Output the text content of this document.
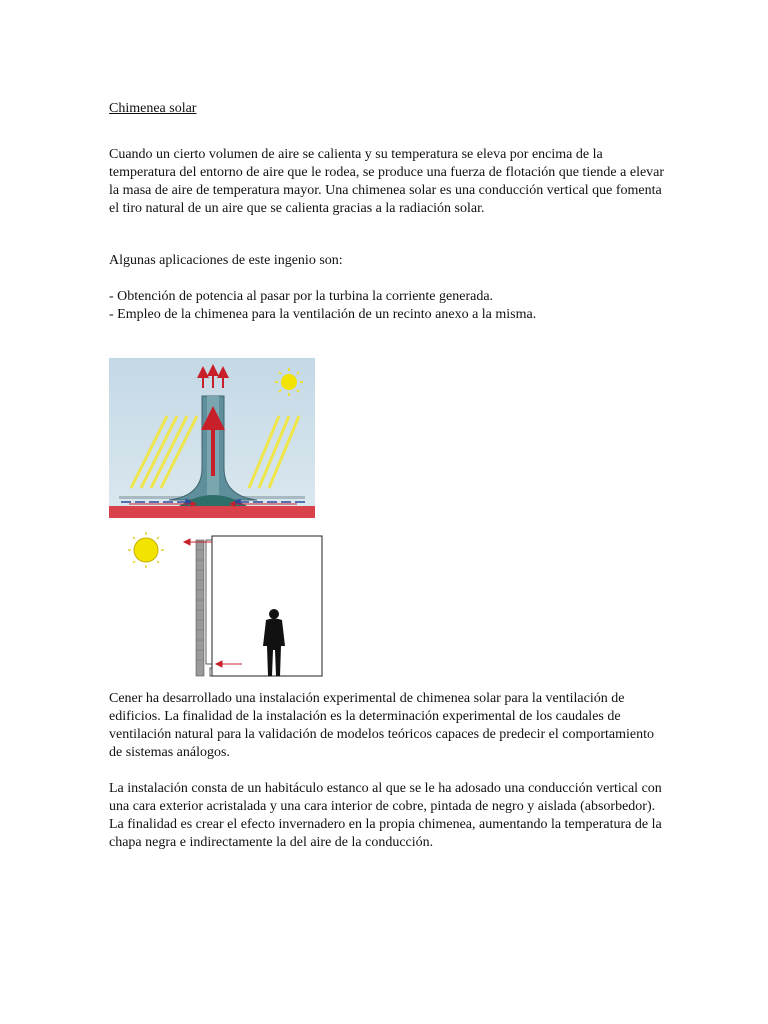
Chimenea solar

Cuando un cierto volumen de aire se calienta y su temperatura se eleva por encima de la temperatura del entorno de aire que le rodea, se produce una fuerza de flotación que tiende a elevar la masa de aire de temperatura mayor. Una chimenea solar es una conducción vertical que fomenta el tiro natural de un aire que se calienta gracias a la radiación solar.

Algunas aplicaciones de este ingenio son:

- Obtención de potencia al pasar por la turbina la corriente generada.
- Empleo de la chimenea para la ventilación de un recinto anexo a la misma.

Cener ha desarrollado una instalación experimental de chimenea solar para la ventilación de edificios. La finalidad de la instalación es la determinación experimental de los caudales de ventilación natural para la validación de modelos teóricos capaces de predecir el comportamiento de sistemas análogos.

La instalación consta de un habitáculo estanco al que se le ha adosado una conducción vertical con una cara exterior acristalada y una cara interior de cobre, pintada de negro y aislada (absorbedor). La finalidad es crear el efecto invernadero en la propia chimenea, aumentando la temperatura de la chapa negra e indirectamente la del aire de la conducción.
